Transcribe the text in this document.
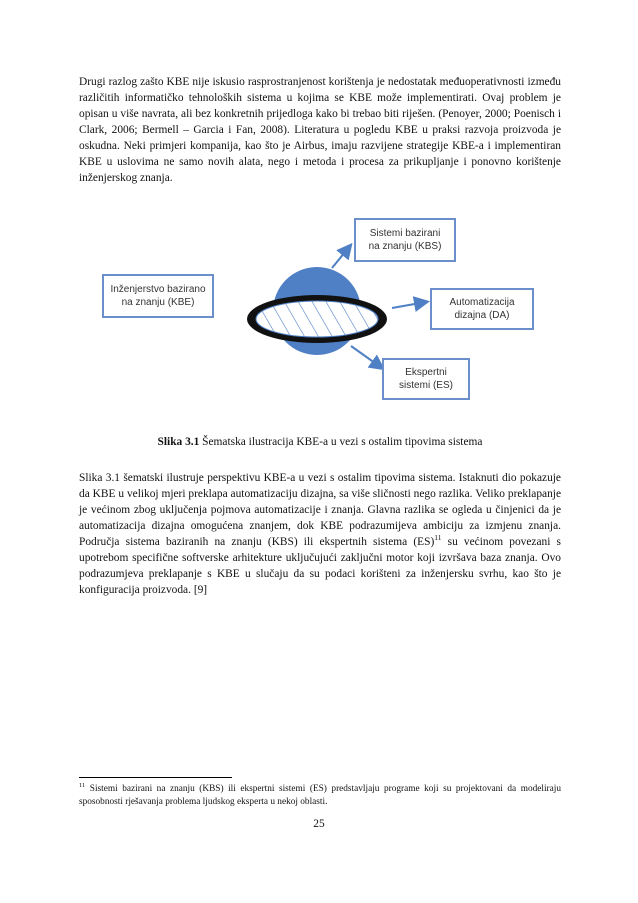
Drugi razlog zašto KBE nije iskusio rasprostranjenost korištenja je nedostatak međuoperativnosti između različitih informatičko tehnoloških sistema u kojima se KBE može implementirati. Ovaj problem je opisan u više navrata, ali bez konkretnih prijedloga kako bi trebao biti riješen. (Penoyer, 2000; Poenisch i Clark, 2006; Bermell – Garcia i Fan, 2008). Literatura u pogledu KBE u praksi razvoja proizvoda je oskudna. Neki primjeri kompanija, kao što je Airbus, imaju razvijene strategije KBE-a i implementiran KBE u uslovima ne samo novih alata, nego i metoda i procesa za prikupljanje i ponovno korištenje inženjerskog znanja.

Sistemi bazirani
na znanju (KBS)
Inženjerstvo bazirano
na znanju (KBE)	Automatizacija
dizajna (DA)
Ekspertni
sistemi (ES)

Slika 3.1 Šematska ilustracija KBE-a u vezi s ostalim tipovima sistema

Slika 3.1 šematski ilustruje perspektivu KBE-a u vezi s ostalim tipovima sistema. Istaknuti dio pokazuje da KBE u velikoj mjeri preklapa automatizaciju dizajna, sa više sličnosti nego razlika. Veliko preklapanje je većinom zbog uključenja pojmova automatizacije i znanja. Glavna razlika se ogleda u činjenici da je automatizacija dizajna omogućena znanjem, dok KBE podrazumijeva ambiciju za izmjenu znanja. Područja sistema baziranih na znanju (KBS) ili ekspertnih sistema (ES)$^{11}$ su većinom povezani s upotrebom specifične softverske arhitekture uključujući zaključni motor koji izvršava baza znanja. Ovo podrazumjeva preklapanje s KBE u slučaju da su podaci korišteni za inženjersku svrhu, kao što je konfiguracija proizvoda. [9]

$^{11}$ Sistemi bazirani na znanju (KBS) ili ekspertni sistemi (ES) predstavljaju programe koji su projektovani da modeliraju sposobnosti rješavanja problema ljudskog eksperta u nekoj oblasti.

25
